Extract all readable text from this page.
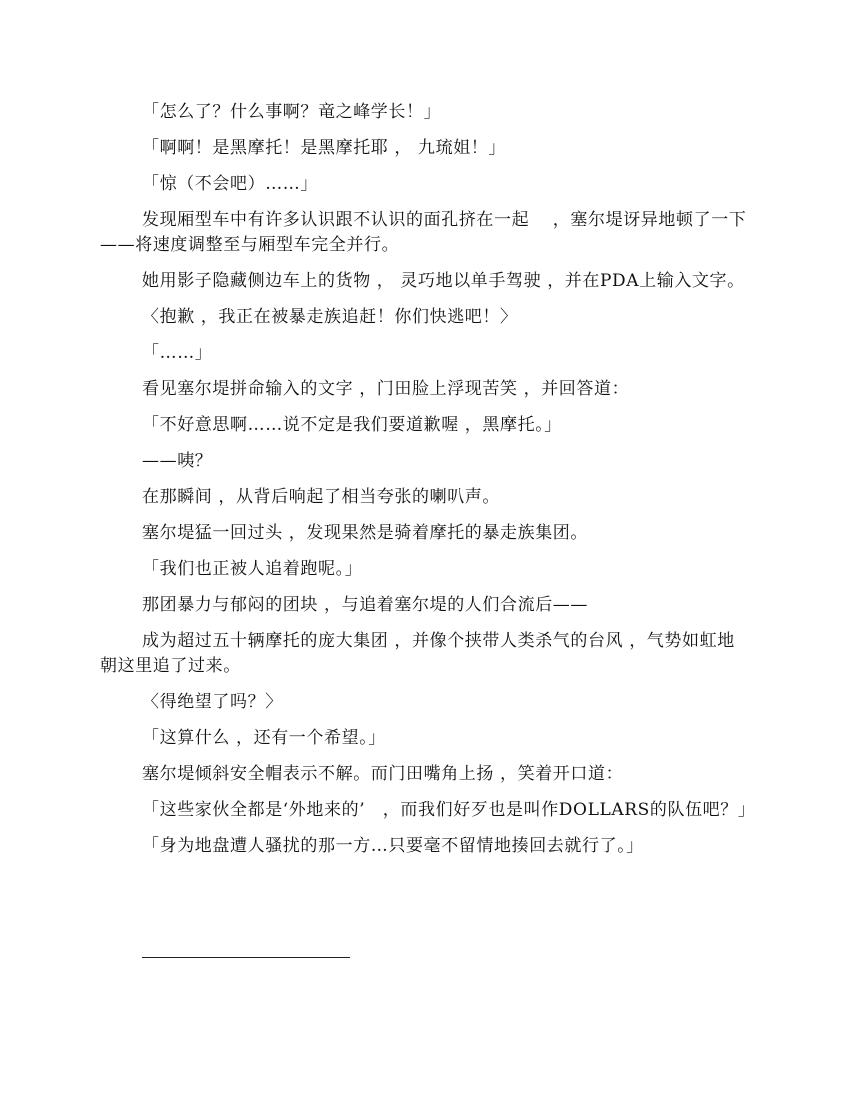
「怎么了？什么事啊？竜之峰学长！」

「啊啊！是黑摩托！是黑摩托耶 ， 九琉姐！」

「惊（不会吧）……」

发现厢型车中有许多认识跟不认识的面孔挤在一起　 ，塞尔堤讶异地顿了一下——将速度调整至与厢型车完全并行。

她用影子隐藏侧边车上的货物 ， 灵巧地以单手驾驶 ，并在PDA上输入文字。

〈抱歉 ，我正在被暴走族追赶！你们快逃吧！〉

「……」

看见塞尔堤拼命输入的文字 ，门田脸上浮现苦笑 ，并回答道：

「不好意思啊……说不定是我们要道歉喔 ，黑摩托。」

——咦？

在那瞬间 ，从背后响起了相当夸张的喇叭声。

塞尔堤猛一回过头 ，发现果然是骑着摩托的暴走族集团。

「我们也正被人追着跑呢。」

那团暴力与郁闷的团块 ，与追着塞尔堤的人们合流后——

成为超过五十辆摩托的庞大集团 ，并像个挟带人类杀气的台风 ，气势如虹地朝这里追了过来。

〈得绝望了吗？〉

「这算什么 ，还有一个希望。」

塞尔堤倾斜安全帽表示不解。而门田嘴角上扬 ，笑着开口道：

「这些家伙全都是‘外地来的’　，而我们好歹也是叫作DOLLARS的队伍吧？」

「身为地盘遭人骚扰的那一方…只要毫不留情地揍回去就行了。」
